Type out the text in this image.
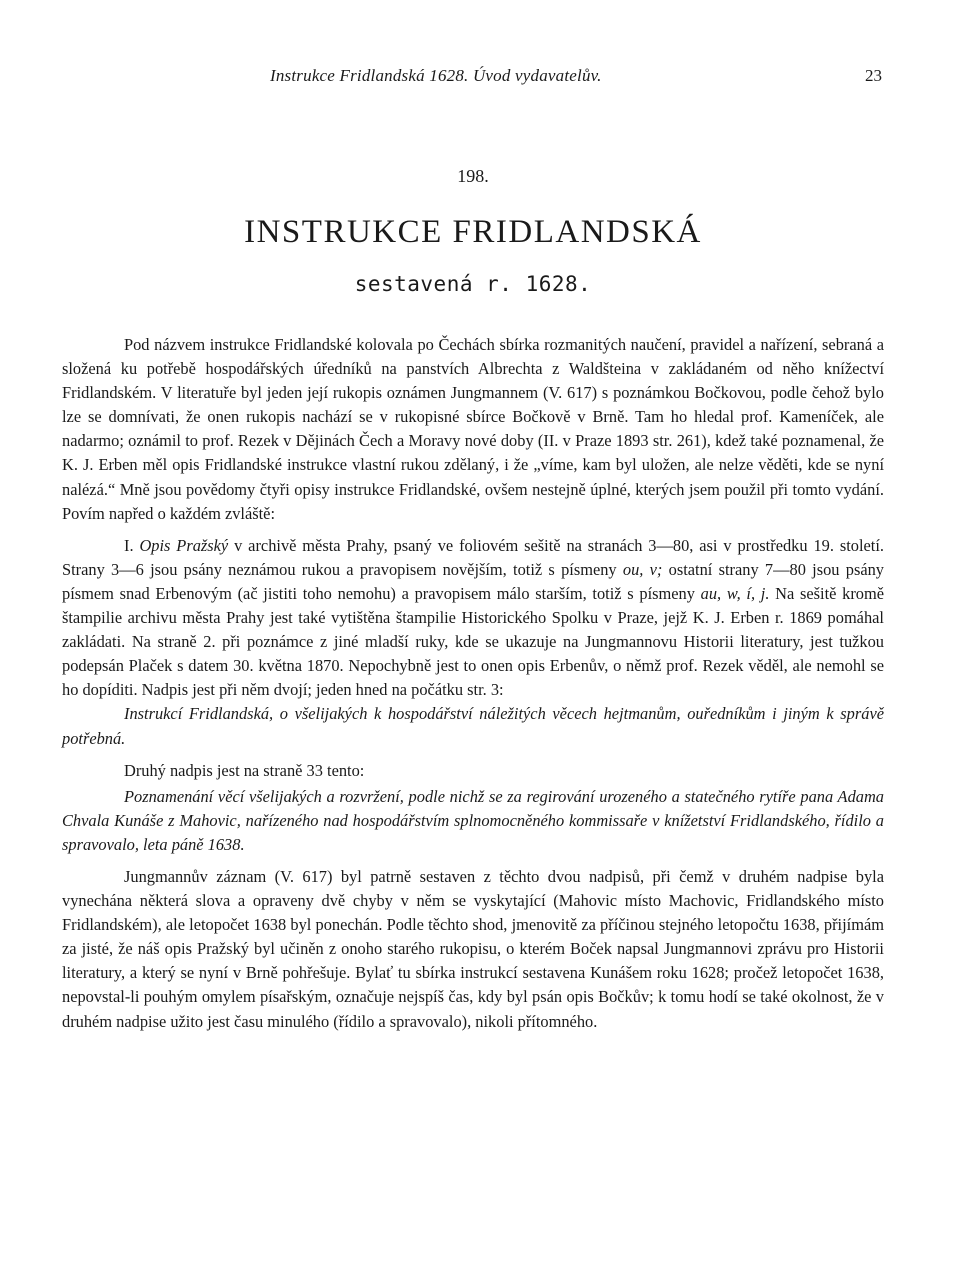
Instrukce Fridlandská 1628. Úvod vydavatelův.	23
198.
INSTRUKCE FRIDLANDSKÁ
sestavená r. 1628.

Pod názvem instrukce Fridlandské kolovala po Čechách sbírka rozmanitých naučení, pravidel a nařízení, sebraná a složená ku potřebě hospodářských úředníků na panstvích Albrechta z Waldšteina v zakládaném od něho knížectví Fridlandském. V literatuře byl jeden její rukopis oznámen Jungmannem (V. 617) s poznámkou Bočkovou, podle čehož bylo lze se domnívati, že onen rukopis nachází se v rukopisné sbírce Bočkově v Brně. Tam ho hledal prof. Kameníček, ale nadarmo; oznámil to prof. Rezek v Dějinách Čech a Moravy nové doby (II. v Praze 1893 str. 261), kdež také poznamenal, že K. J. Erben měl opis Fridlandské instrukce vlastní rukou zdělaný, i že „víme, kam byl uložen, ale nelze věděti, kde se nyní nalézá.“ Mně jsou povědomy čtyři opisy instrukce Fridlandské, ovšem nestejně úplné, kterých jsem použil při tomto vydání. Povím napřed o každém zvláště:

I. Opis Pražský v archivě města Prahy, psaný ve foliovém sešitě na stranách 3—80, asi v prostředku 19. století. Strany 3—6 jsou psány neznámou rukou a pravopisem novějším, totiž s písmeny ou, v; ostatní strany 7—80 jsou psány písmem snad Erbenovým (ač jistiti toho nemohu) a pravopisem málo starším, totiž s písmeny au, w, í, j. Na sešitě kromě štampilie archivu města Prahy jest také vytištěna štampilie Historického Spolku v Praze, jejž K. J. Erben r. 1869 pomáhal zakládati. Na straně 2. při poznámce z jiné mladší ruky, kde se ukazuje na Jungmannovu Historii literatury, jest tužkou podepsán Plaček s datem 30. května 1870. Nepochybně jest to onen opis Erbenův, o němž prof. Rezek věděl, ale nemohl se ho dopíditi. Nadpis jest při něm dvojí; jeden hned na počátku str. 3:

Instrukcí Fridlandská, o všelijakých k hospodářství náležitých věcech hejtmanům, ouředníkům i jiným k správě potřebná.

Druhý nadpis jest na straně 33 tento:

Poznamenání věcí všelijakých a rozvržení, podle nichž se za regirování urozeného a statečného rytíře pana Adama Chvala Kunáše z Mahovic, nařízeného nad hospodářstvím splnomocněného kommissaře v knížetství Fridlandského, řídilo a spravovalo, leta páně 1638.

Jungmannův záznam (V. 617) byl patrně sestaven z těchto dvou nadpisů, při čemž v druhém nadpise byla vynechána některá slova a opraveny dvě chyby v něm se vyskytající (Mahovic místo Machovic, Fridlandského místo Fridlandském), ale letopočet 1638 byl ponechán. Podle těchto shod, jmenovitě za příčinou stejného letopočtu 1638, přijímám za jisté, že náš opis Pražský byl učiněn z onoho starého rukopisu, o kterém Boček napsal Jungmannovi zprávu pro Historii literatury, a který se nyní v Brně pohřešuje. Bylať tu sbírka instrukcí sestavena Kunášem roku 1628; pročež letopočet 1638, nepovstal-li pouhým omylem písařským, označuje nejspíš čas, kdy byl psán opis Bočkův; k tomu hodí se také okolnost, že v druhém nadpise užito jest času minulého (řídilo a spravovalo), nikoli přítomného.
